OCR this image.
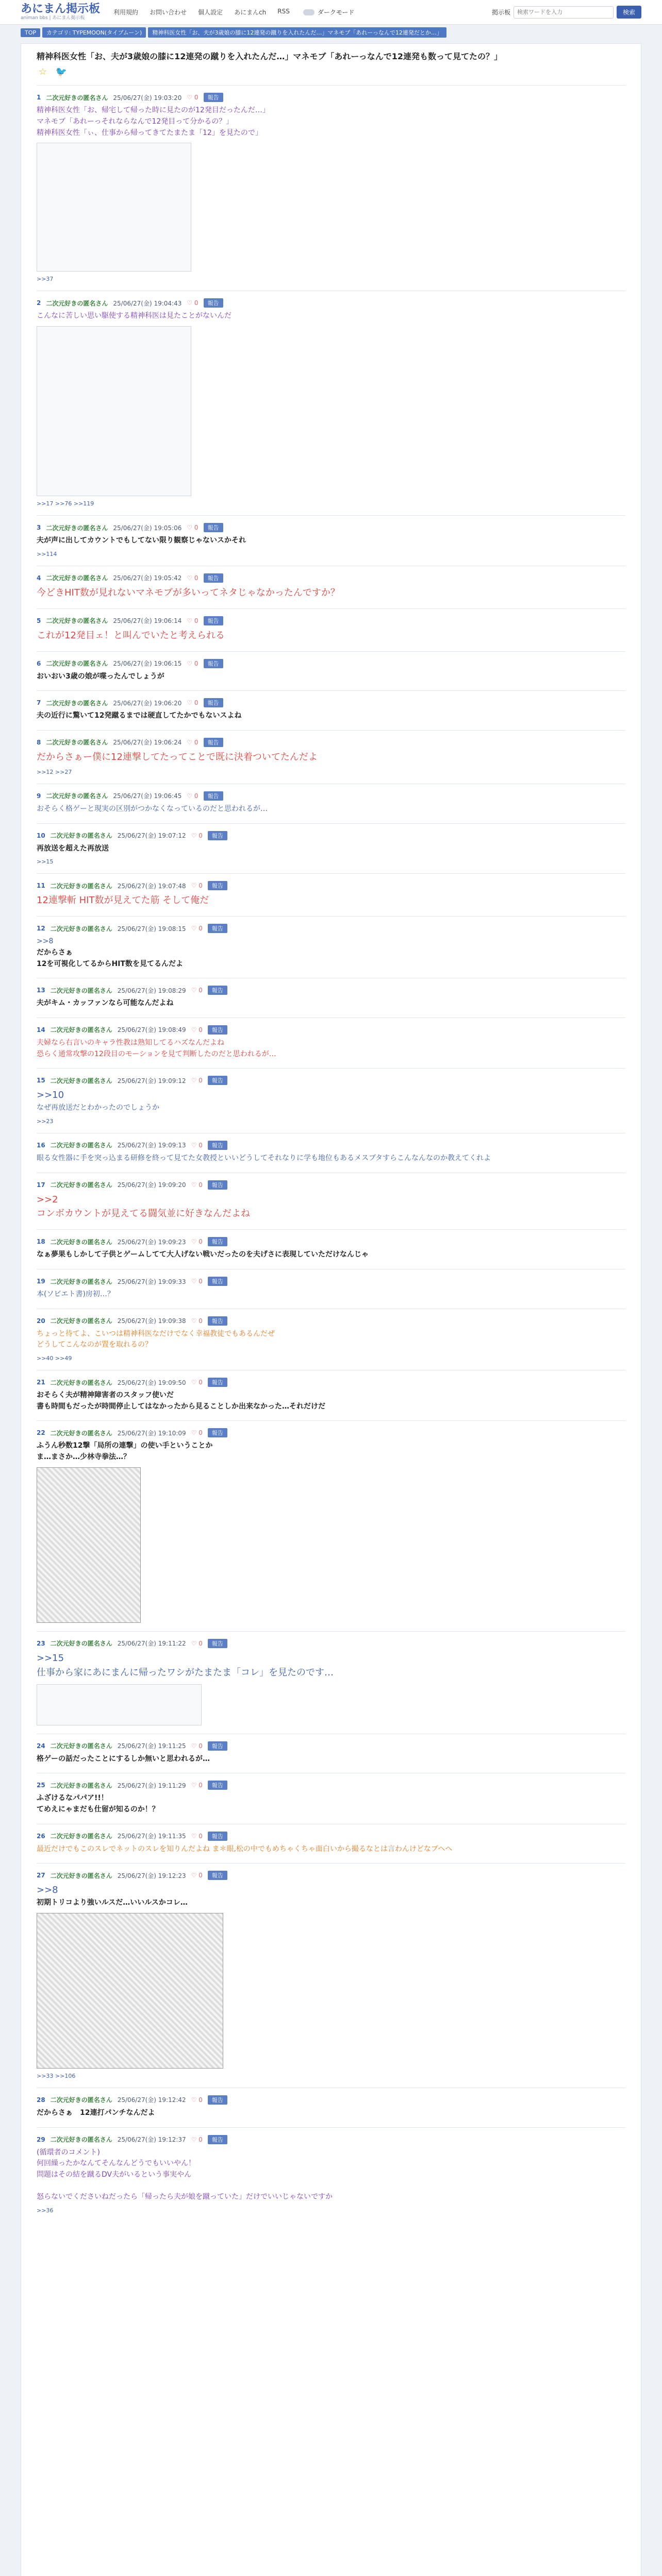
あにまん掲示板
animan bbs | あにまん掲示板
利用規約 お問い合わせ 個人設定 あにまんch RSS	ダークモード	掲示板
検索ワードを入力	検索
TOP	カテゴリ: TYPEMOON(タイプムーン)	精神科医女性「お、夫が3歳娘の膝に12連発の蹴りを入れたんだ…」マネモブ「あれーっなんで12連発だとか…」
精神科医女性「お、夫が3歳娘の膝に12連発の蹴りを入れたんだ…」マネモブ「あれーっなんで12連発も数って見てたの？」
☆ 🐦
1 二次元好きの匿名さん 25/06/27(金) 19:03:20 ♡ 0	報告
精神科医女性「お、帰宅して帰った時に見たのが12発目だったんだ…」
マネモブ「あれーっそれならなんで12発目って分かるの？」
精神科医女性「ぃ、仕事から帰ってきてたまたま「12」を見たので」
>>37
2 二次元好きの匿名さん 25/06/27(金) 19:04:43 ♡ 0	報告
こんなに苦しい思い駆使する精神科医は見たことがないんだ
>>17 >>76 >>119
3 二次元好きの匿名さん 25/06/27(金) 19:05:06 ♡ 0	報告
夫が声に出してカウントでもしてない限り観察じゃないスかそれ
>>114
4 二次元好きの匿名さん 25/06/27(金) 19:05:42 ♡ 0	報告
今どきHIT数が見れないマネモブが多いってネタじゃなかったんですか？
5 二次元好きの匿名さん 25/06/27(金) 19:06:14 ♡ 0	報告
これが12発目ェ！と叫んでいたと考えられる
6 二次元好きの匿名さん 25/06/27(金) 19:06:15 ♡ 0	報告
おいおい3歳の娘が喋ったんでしょうが
7 二次元好きの匿名さん 25/06/27(金) 19:06:20 ♡ 0	報告
夫の近行に驚いて12発蹴るまでは硬直してたかでもないスよね
8 二次元好きの匿名さん 25/06/27(金) 19:06:24 ♡ 0	報告
だからさぁー僕に12連撃してたってことで既に決着ついてたんだよ
>>12 >>27
9 二次元好きの匿名さん 25/06/27(金) 19:06:45 ♡ 0	報告
おそらく格ゲーと現実の区別がつかなくなっているのだと思われるが…
10 二次元好きの匿名さん 25/06/27(金) 19:07:12 ♡ 0	報告
再放送を超えた再放送
>>15
11 二次元好きの匿名さん 25/06/27(金) 19:07:48 ♡ 0	報告
12連撃斬 HIT数が見えてた筋 そして俺だ
12 二次元好きの匿名さん 25/06/27(金) 19:08:15 ♡ 0	報告
>>8
だからさぁ
12を可視化してるからHIT数を見てるんだよ
13 二次元好きの匿名さん 25/06/27(金) 19:08:29 ♡ 0	報告
夫がキム・カッファンなら可能なんだよね
14 二次元好きの匿名さん 25/06/27(金) 19:08:49 ♡ 0	報告
夫婦なら右言いのキャラ性教は熟知してるハズなんだよね
恐らく通常攻撃の12段目のモーションを見て判断したのだと思われるが…
15 二次元好きの匿名さん 25/06/27(金) 19:09:12 ♡ 0	報告
>>10
なぜ再放送だとわかったのでしょうか
>>23
16 二次元好きの匿名さん 25/06/27(金) 19:09:13 ♡ 0	報告
眼る女性器に手を突っ込まる研修を終って見てた女教授といいどうしてそれなりに学も地位もあるメスブタすらこんなんなのか教えてくれよ
17 二次元好きの匿名さん 25/06/27(金) 19:09:20 ♡ 0	報告
>>2
コンボカウントが見えてる闘気並に好きなんだよね
18 二次元好きの匿名さん 25/06/27(金) 19:09:23 ♡ 0	報告
なぁ夢果もしかして子供とゲームしてて大人げない戦いだったのを夫げさに表現していただけなんじゃ
19 二次元好きの匿名さん 25/06/27(金) 19:09:33 ♡ 0	報告
本(ソビエト書)房初…？
20 二次元好きの匿名さん 25/06/27(金) 19:09:38 ♡ 0	報告
ちょっと待てよ、こいつは精神科医なだけでなく幸福教徒でもあるんだぜ
どうしてこんなのが置を取れるの？
>>40 >>49
21 二次元好きの匿名さん 25/06/27(金) 19:09:50 ♡ 0	報告
おそらく夫が精神障害者のスタッフ使いだ
書も時間もだったが時間停止してはなかったから見ることしか出来なかった…それだけだ
22 二次元好きの匿名さん 25/06/27(金) 19:10:09 ♡ 0	報告
ふうん秒数12撃「局所の連撃」の使い手ということか
ま…まさか…少林寺拳法…？
23 二次元好きの匿名さん 25/06/27(金) 19:11:22 ♡ 0	報告
>>15
仕事から家にあにまんに帰ったワシがたまたま「コレ」を見たのです…
24 二次元好きの匿名さん 25/06/27(金) 19:11:25 ♡ 0	報告
格ゲーの話だったことにするしか無いと思われるが…
25 二次元好きの匿名さん 25/06/27(金) 19:11:29 ♡ 0	報告
ふざけるなパパア!!！
てめえにゃまだも仕留が知るのか！？
26 二次元好きの匿名さん 25/06/27(金) 19:11:35 ♡ 0	報告
最近だけでもこのスレでネットのスレを知りんだよね ま＊眼,松の中でもめちゃくちゃ面白いから撮るなとは言わんけどなブヘヘ
27 二次元好きの匿名さん 25/06/27(金) 19:12:23 ♡ 0	報告
>>8
初期トリコより強いルスだ…いいルスかコレ…
>>33 >>106
28 二次元好きの匿名さん 25/06/27(金) 19:12:42 ♡ 0	報告
だからさぁ　12連打パンチなんだよ
29 二次元好きの匿名さん 25/06/27(金) 19:12:37 ♡ 0	報告
(循環者のコメント)
何回繰ったかなんてそんなんどうでもいいやん！
問題はその結を蹴るDV夫がいるという事実やん

怒らないでくださいねだったら「帰ったら夫が娘を蹴っていた」だけでいいじゃないですか
>>36
